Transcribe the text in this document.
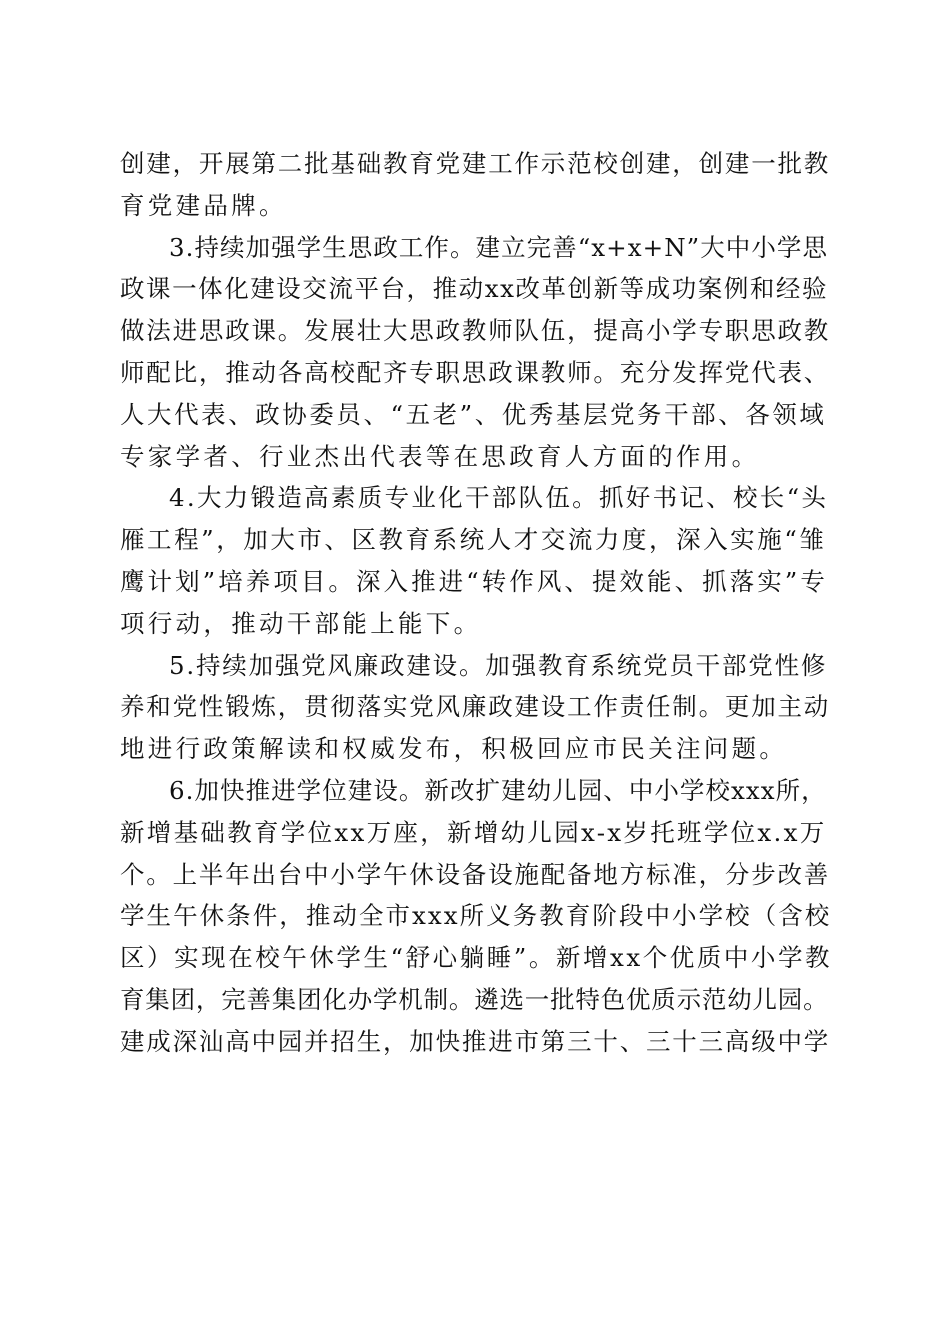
创建，开展第二批基础教育党建工作示范校创建，创建一批教
育党建品牌。
3.持续加强学生思政工作。建立完善“x+x+N”大中小学思
政课一体化建设交流平台，推动xx改革创新等成功案例和经验
做法进思政课。发展壮大思政教师队伍，提高小学专职思政教
师配比，推动各高校配齐专职思政课教师。充分发挥党代表、
人大代表、政协委员、“五老”、优秀基层党务干部、各领域
专家学者、行业杰出代表等在思政育人方面的作用。
4.大力锻造高素质专业化干部队伍。抓好书记、校长“头
雁工程”，加大市、区教育系统人才交流力度，深入实施“雏
鹰计划”培养项目。深入推进“转作风、提效能、抓落实”专
项行动，推动干部能上能下。
5.持续加强党风廉政建设。加强教育系统党员干部党性修
养和党性锻炼，贯彻落实党风廉政建设工作责任制。更加主动
地进行政策解读和权威发布，积极回应市民关注问题。
6.加快推进学位建设。新改扩建幼儿园、中小学校xxx所，
新增基础教育学位xx万座，新增幼儿园x-x岁托班学位x.x万
个。上半年出台中小学午休设备设施配备地方标准，分步改善
学生午休条件，推动全市xxx所义务教育阶段中小学校（含校
区）实现在校午休学生“舒心躺睡”。新增xx个优质中小学教
育集团，完善集团化办学机制。遴选一批特色优质示范幼儿园。
建成深汕高中园并招生，加快推进市第三十、三十三高级中学
